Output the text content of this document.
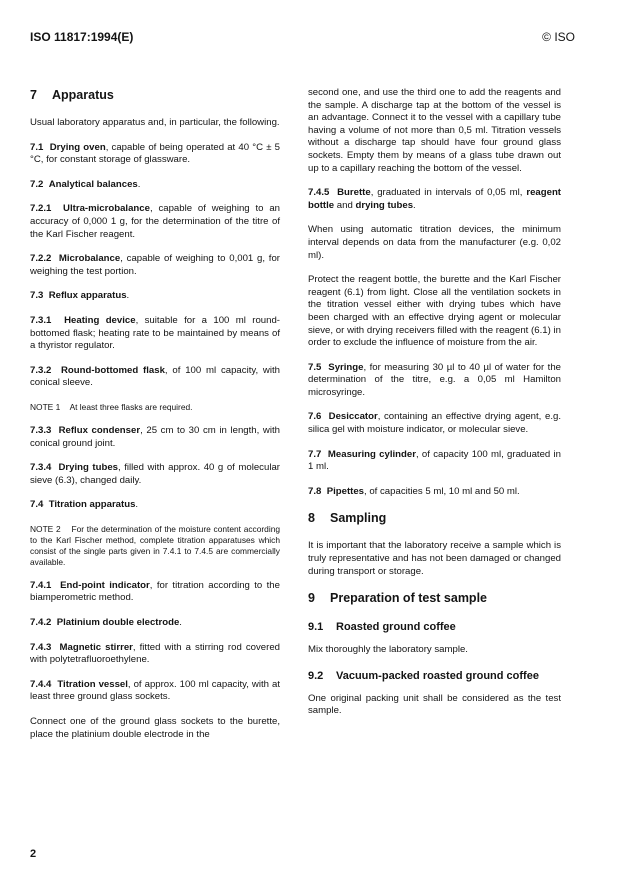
ISO 11817:1994(E)	© ISO
7 Apparatus

Usual laboratory apparatus and, in particular, the following.

7.1 Drying oven, capable of being operated at 40 °C ± 5 °C, for constant storage of glassware.

7.2 Analytical balances.

7.2.1 Ultra-microbalance, capable of weighing to an accuracy of 0,000 1 g, for the determination of the titre of the Karl Fischer reagent.

7.2.2 Microbalance, capable of weighing to 0,001 g, for weighing the test portion.

7.3 Reflux apparatus.

7.3.1 Heating device, suitable for a 100 ml round-bottomed flask; heating rate to be maintained by means of a thyristor regulator.

7.3.2 Round-bottomed flask, of 100 ml capacity, with conical sleeve.

NOTE 1 At least three flasks are required.

7.3.3 Reflux condenser, 25 cm to 30 cm in length, with conical ground joint.

7.3.4 Drying tubes, filled with approx. 40 g of molecular sieve (6.3), changed daily.

7.4 Titration apparatus.

NOTE 2 For the determination of the moisture content according to the Karl Fischer method, complete titration apparatuses which consist of the single parts given in 7.4.1 to 7.4.5 are commercially available.

7.4.1 End-point indicator, for titration according to the biamperometric method.

7.4.2 Platinium double electrode.

7.4.3 Magnetic stirrer, fitted with a stirring rod covered with polytetrafluoroethylene.

7.4.4 Titration vessel, of approx. 100 ml capacity, with at least three ground glass sockets.

Connect one of the ground glass sockets to the burette, place the platinium double electrode in the

second one, and use the third one to add the reagents and the sample. A discharge tap at the bottom of the vessel is an advantage. Connect it to the vessel with a capillary tube having a volume of not more than 0,5 ml. Titration vessels without a discharge tap should have four ground glass sockets. Empty them by means of a glass tube drawn out up to a capillary reaching the bottom of the vessel.

7.4.5 Burette, graduated in intervals of 0,05 ml, reagent bottle and drying tubes.

When using automatic titration devices, the minimum interval depends on data from the manufacturer (e.g. 0,02 ml).

Protect the reagent bottle, the burette and the Karl Fischer reagent (6.1) from light. Close all the ventilation sockets in the titration vessel either with drying tubes which have been charged with an effective drying agent or molecular sieve, or with drying receivers filled with the reagent (6.1) in order to exclude the influence of moisture from the air.

7.5 Syringe, for measuring 30 µl to 40 µl of water for the determination of the titre, e.g. a 0,05 ml Hamilton microsyringe.

7.6 Desiccator, containing an effective drying agent, e.g. silica gel with moisture indicator, or molecular sieve.

7.7 Measuring cylinder, of capacity 100 ml, graduated in 1 ml.

7.8 Pipettes, of capacities 5 ml, 10 ml and 50 ml.

8 Sampling

It is important that the laboratory receive a sample which is truly representative and has not been damaged or changed during transport or storage.

9 Preparation of test sample
9.1 Roasted ground coffee

Mix thoroughly the laboratory sample.

9.2 Vacuum-packed roasted ground coffee

One original packing unit shall be considered as the test sample.

2
